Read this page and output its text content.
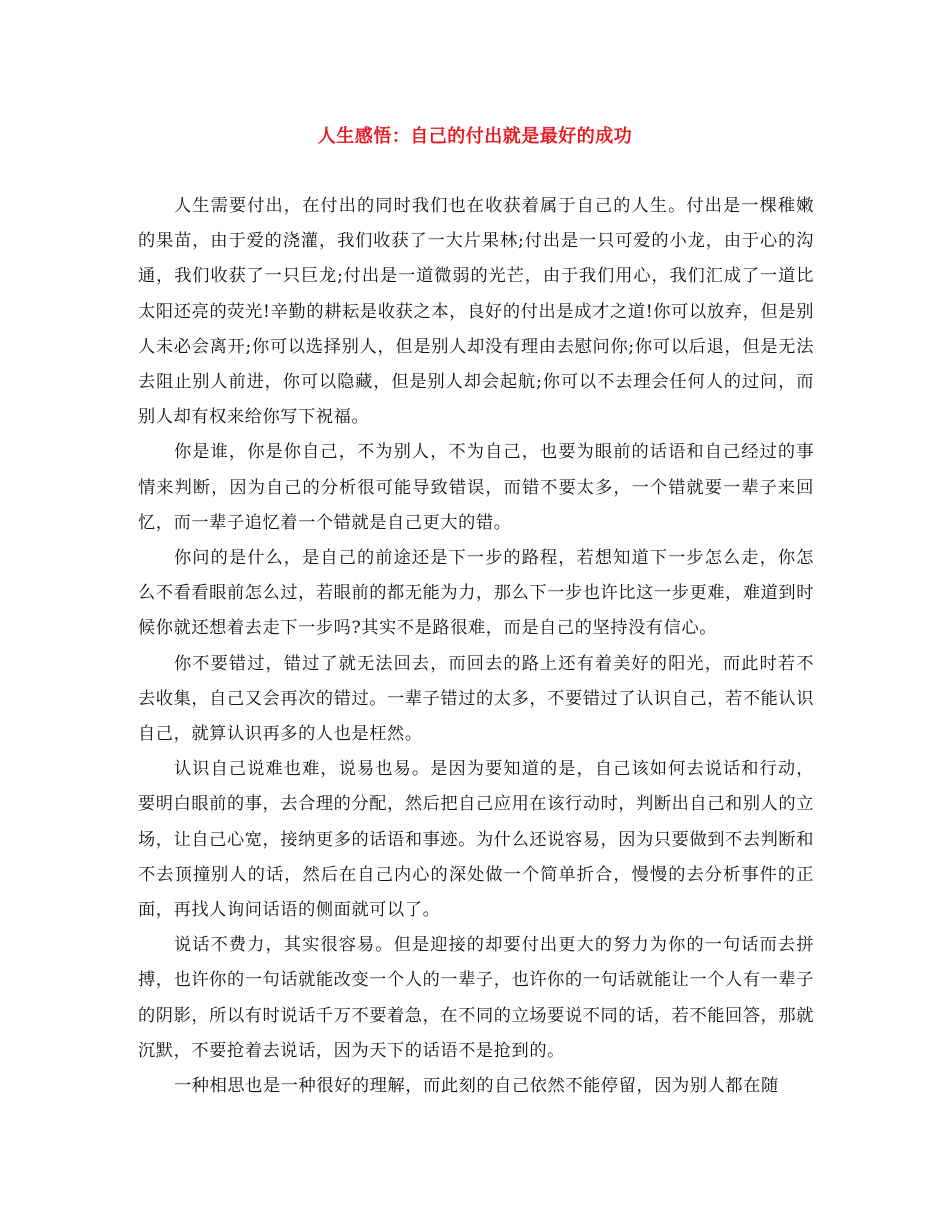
人生感悟：自己的付出就是最好的成功

人生需要付出，在付出的同时我们也在收获着属于自己的人生。付出是一棵稚嫩的果苗，由于爱的浇灌，我们收获了一大片果林;付出是一只可爱的小龙，由于心的沟通，我们收获了一只巨龙;付出是一道微弱的光芒，由于我们用心，我们汇成了一道比太阳还亮的荧光!辛勤的耕耘是收获之本，良好的付出是成才之道!你可以放弃，但是别人未必会离开;你可以选择别人，但是别人却没有理由去慰问你;你可以后退，但是无法去阻止别人前进，你可以隐藏，但是别人却会起航;你可以不去理会任何人的过问，而别人却有权来给你写下祝福。

你是谁，你是你自己，不为别人，不为自己，也要为眼前的话语和自己经过的事情来判断，因为自己的分析很可能导致错误，而错不要太多，一个错就要一辈子来回忆，而一辈子追忆着一个错就是自己更大的错。

你问的是什么，是自己的前途还是下一步的路程，若想知道下一步怎么走，你怎么不看看眼前怎么过，若眼前的都无能为力，那么下一步也许比这一步更难，难道到时候你就还想着去走下一步吗?其实不是路很难，而是自己的坚持没有信心。

你不要错过，错过了就无法回去，而回去的路上还有着美好的阳光，而此时若不去收集，自己又会再次的错过。一辈子错过的太多，不要错过了认识自己，若不能认识自己，就算认识再多的人也是枉然。

认识自己说难也难，说易也易。是因为要知道的是，自己该如何去说话和行动，要明白眼前的事，去合理的分配，然后把自己应用在该行动时，判断出自己和别人的立场，让自己心宽，接纳更多的话语和事迹。为什么还说容易，因为只要做到不去判断和不去顶撞别人的话，然后在自己内心的深处做一个简单折合，慢慢的去分析事件的正面，再找人询问话语的侧面就可以了。

说话不费力，其实很容易。但是迎接的却要付出更大的努力为你的一句话而去拼搏，也许你的一句话就能改变一个人的一辈子，也许你的一句话就能让一个人有一辈子的阴影，所以有时说话千万不要着急，在不同的立场要说不同的话，若不能回答，那就沉默，不要抢着去说话，因为天下的话语不是抢到的。

一种相思也是一种很好的理解，而此刻的自己依然不能停留，因为别人都在随
